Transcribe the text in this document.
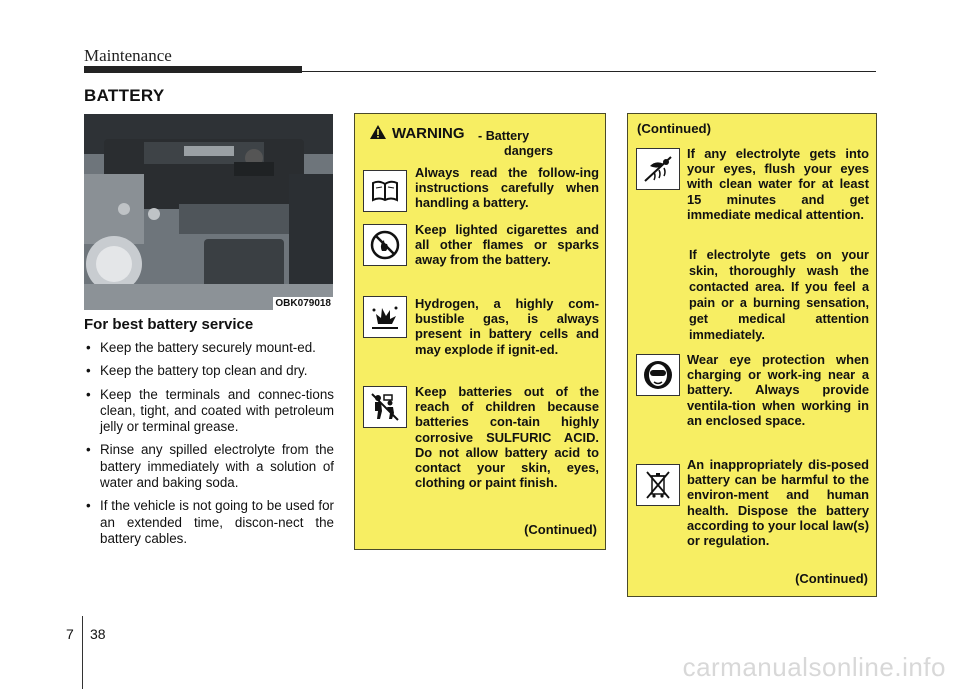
Maintenance
BATTERY
OBK079018
For best battery service
• Keep the battery securely mount-ed.
• Keep the battery top clean and dry.
• Keep the terminals and connec-tions clean, tight, and coated with petroleum jelly or terminal grease.
• Rinse any spilled electrolyte from the battery immediately with a solution of water and baking soda.
• If the vehicle is not going to be used for an extended time, discon-nect the battery cables.
WARNING - Battery
dangers
Always read the follow-ing instructions carefully when handling a battery.
Keep lighted cigarettes and all other flames or sparks away from the battery.
Hydrogen, a highly com-bustible gas, is always present in battery cells and may explode if ignit-ed.
Keep batteries out of the reach of children because batteries con-tain highly corrosive SULFURIC ACID. Do not allow battery acid to contact your skin, eyes, clothing or paint finish.
(Continued)
(Continued)
If any electrolyte gets into your eyes, flush your eyes with clean water for at least 15 minutes and get immediate medical attention.
If electrolyte gets on your skin, thoroughly wash the contacted area. If you feel a pain or a burning sensation, get medical attention immediately.
Wear eye protection when charging or work-ing near a battery. Always provide ventila-tion when working in an enclosed space.
An inappropriately dis-posed battery can be harmful to the environ-ment and human health. Dispose the battery according to your local law(s) or regulation.
(Continued)
7 38
carmanualsonline.info
